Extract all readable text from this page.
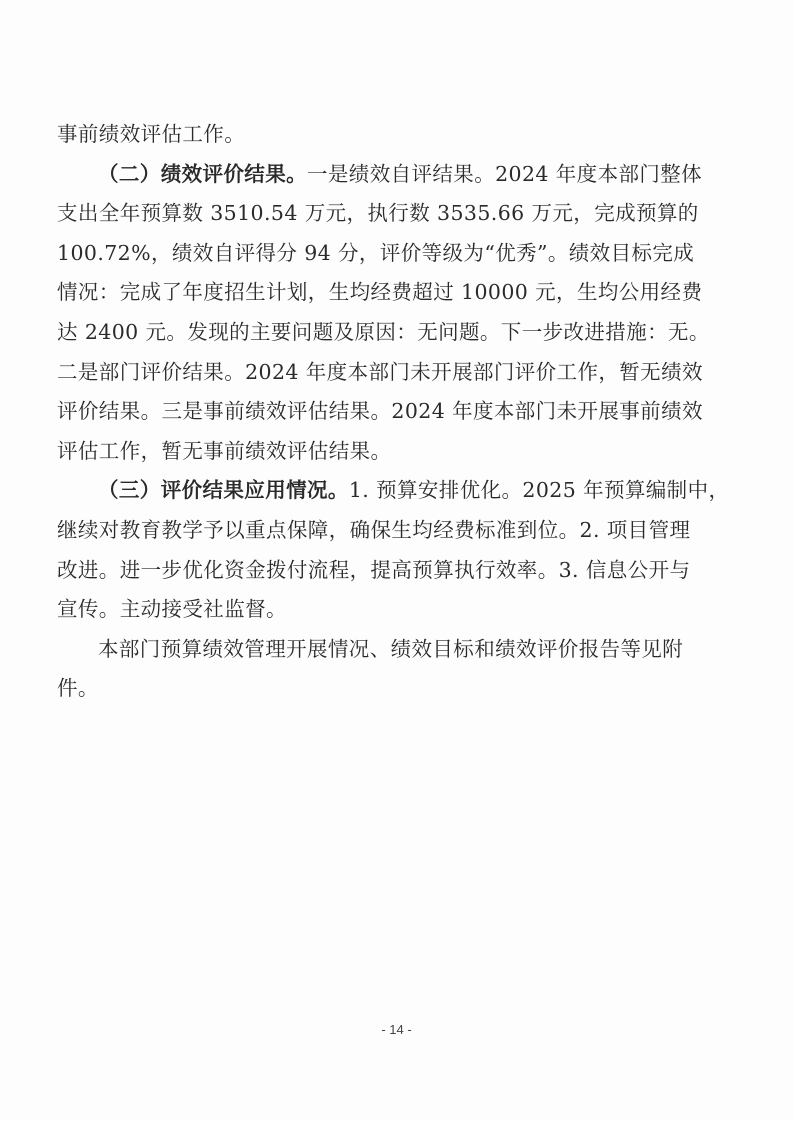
事前绩效评估工作。
（二）绩效评价结果。一是绩效自评结果。2024 年度本部门整体
支出全年预算数 3510.54 万元，执行数 3535.66 万元，完成预算的
100.72%，绩效自评得分 94 分，评价等级为“优秀”。绩效目标完成
情况：完成了年度招生计划，生均经费超过 10000 元，生均公用经费
达 2400 元。发现的主要问题及原因：无问题。下一步改进措施：无。
二是部门评价结果。2024 年度本部门未开展部门评价工作，暂无绩效
评价结果。三是事前绩效评估结果。2024 年度本部门未开展事前绩效
评估工作，暂无事前绩效评估结果。
（三）评价结果应用情况。1. 预算安排优化。2025 年预算编制中，
继续对教育教学予以重点保障，确保生均经费标准到位。2. 项目管理
改进。进一步优化资金拨付流程，提高预算执行效率。3. 信息公开与
宣传。主动接受社监督。
本部门预算绩效管理开展情况、绩效目标和绩效评价报告等见附
件。
- 14 -
